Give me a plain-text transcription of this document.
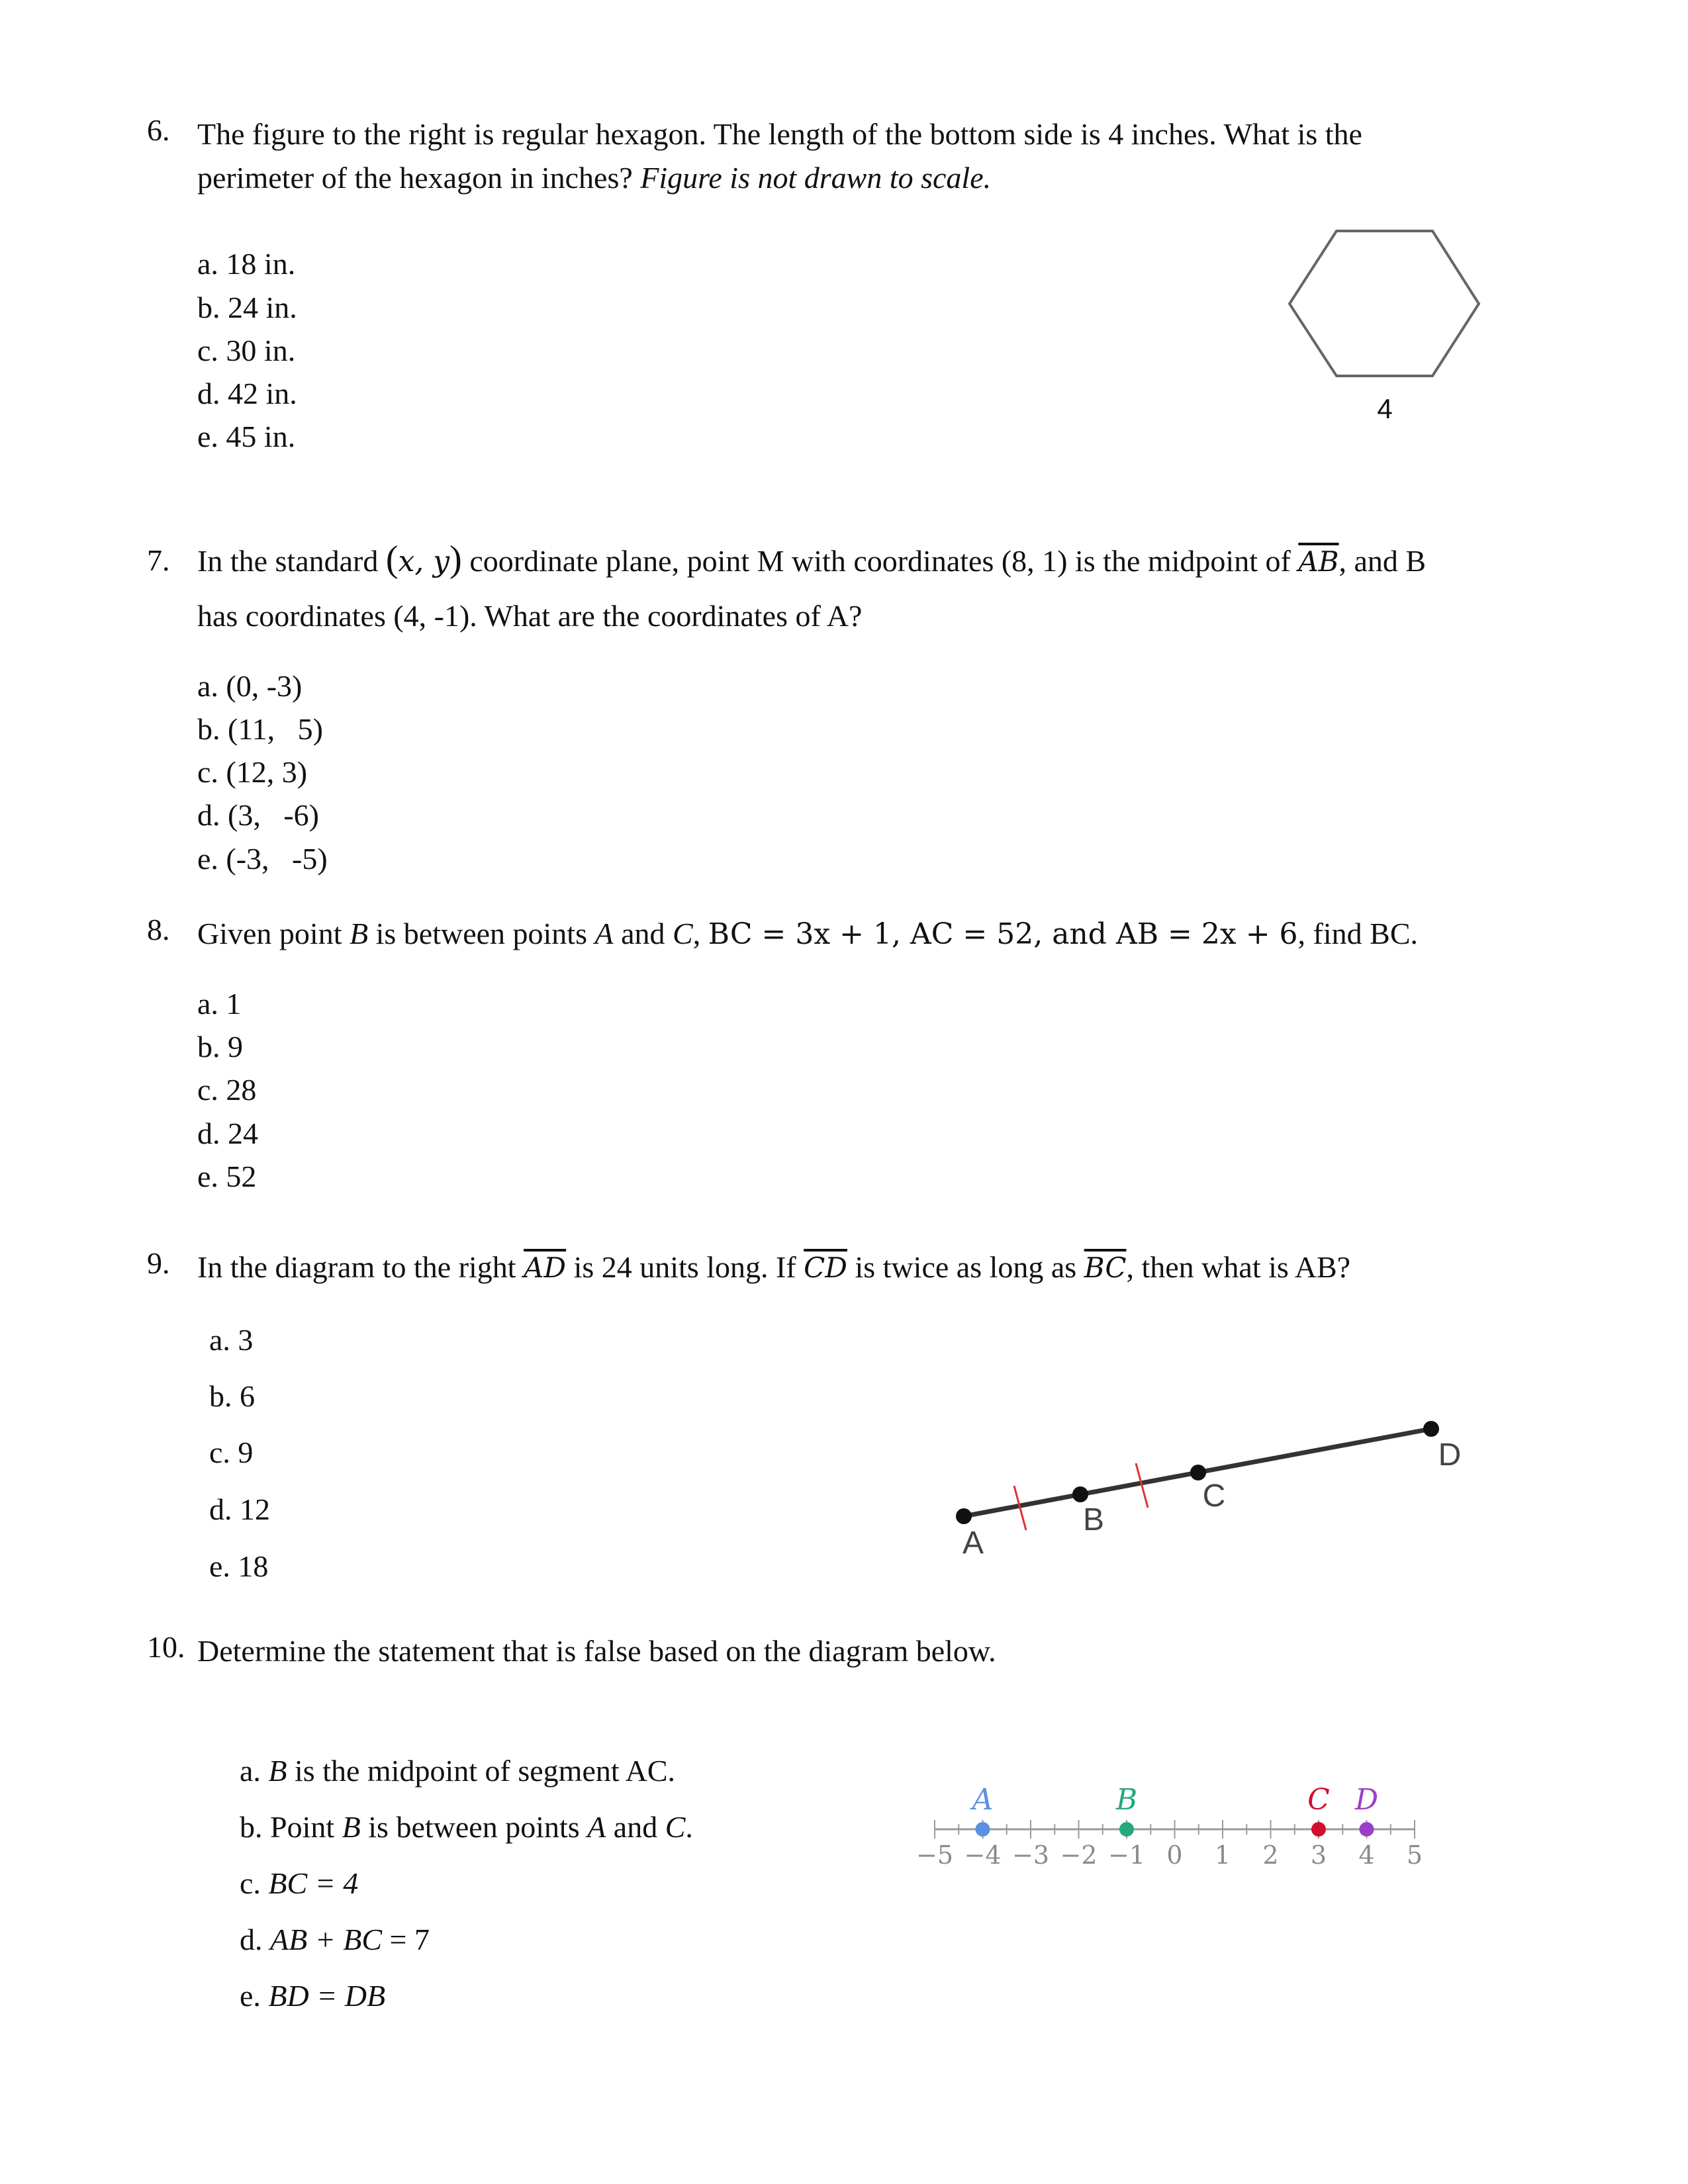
6. The figure to the right is regular hexagon. The length of the bottom side is 4 inches. What is the
perimeter of the hexagon in inches? Figure is not drawn to scale.
a. 18 in.
b. 24 in.
c. 30 in.
d. 42 in.
e. 45 in.
4
7. In the standard (x, y) coordinate plane, point M with coordinates (8, 1) is the midpoint of $\overline{AB}$, and B
has coordinates (4, -1). What are the coordinates of A?
a. (0, -3)
b. (11,   5)
c. (12, 3)
d. (3,   -6)
e. (-3,   -5)
8. Given point B is between points A and C, BC = 3x + 1, AC = 52, and AB = 2x + 6, find BC.
a. 1
b. 9
c. 28
d. 24
e. 52
9. In the diagram to the right $\overline{AD}$ is 24 units long. If $\overline{CD}$ is twice as long as $\overline{BC}$, then what is AB?
a. 3
b. 6
c. 9
d. 12
e. 18
A
B
C
D
10. Determine the statement that is false based on the diagram below.

a. B is the midpoint of segment AC.

b. Point B is between points A and C.

c. BC = 4

d. AB + BC = 7

e. BD = DB

−5 −4 −3 −2 −1 0 1 2 3 4 5
A	B	C D
